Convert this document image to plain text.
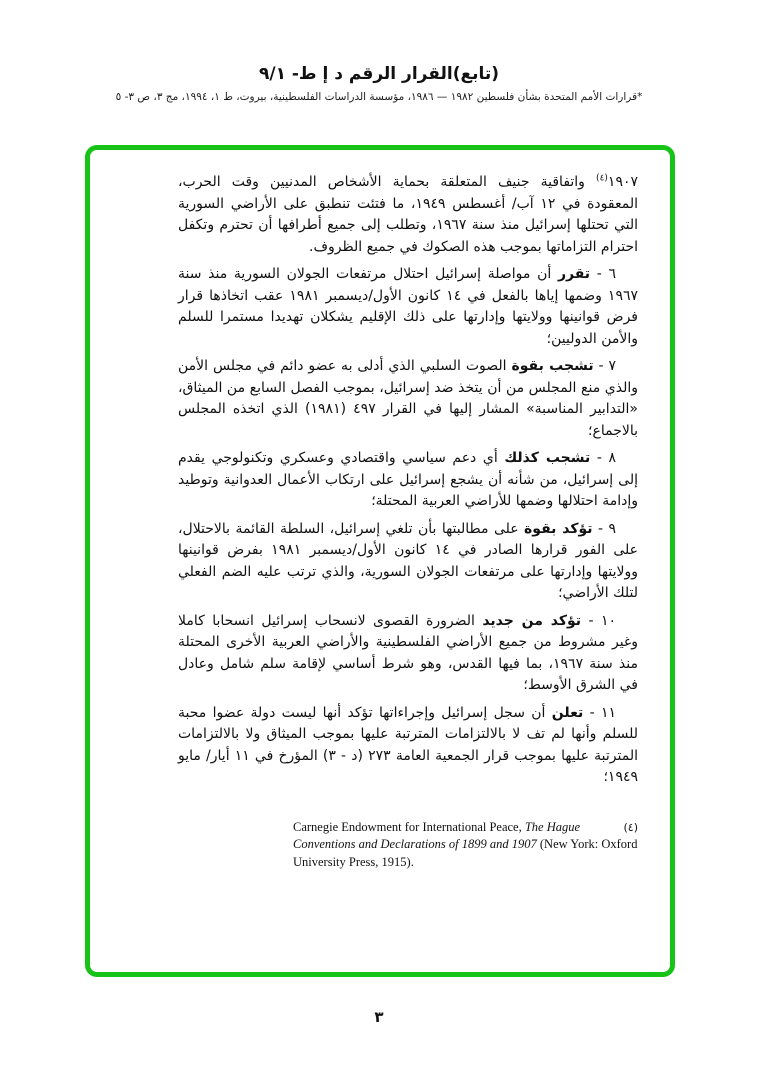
(تابع)القرار الرقم د إ ط- ٩/١
*قرارات الأمم المتحدة بشأن فلسطين ١٩٨٢ — ١٩٨٦، مؤسسة الدراسات الفلسطينية، بيروت، ط ١، ١٩٩٤، مج ٣، ص ٣- ٥

١٩٠٧$^{(٤)}$ واتفاقية جنيف المتعلقة بحماية الأشخاص المدنيين وقت الحرب، المعقودة في ١٢ آب/ أغسطس ١٩٤٩، ما فتئت تنطبق على الأراضي السورية التي تحتلها إسرائيل منذ سنة ١٩٦٧، وتطلب إلى جميع أطرافها أن تحترم وتكفل احترام التزاماتها بموجب هذه الصكوك في جميع الظروف.

٦ - تقرر أن مواصلة إسرائيل احتلال مرتفعات الجولان السورية منذ سنة ١٩٦٧ وضمها إياها بالفعل في ١٤ كانون الأول/ديسمبر ١٩٨١ عقب اتخاذها قرار فرض قوانينها وولايتها وإدارتها على ذلك الإقليم يشكلان تهديدا مستمرا للسلم والأمن الدوليين؛

٧ - تشجب بقوة الصوت السلبي الذي أدلى به عضو دائم في مجلس الأمن والذي منع المجلس من أن يتخذ ضد إسرائيل، بموجب الفصل السابع من الميثاق، «التدابير المناسبة» المشار إليها في القرار ٤٩٧ (١٩٨١) الذي اتخذه المجلس بالاجماع؛

٨ - تشجب كذلك أي دعم سياسي واقتصادي وعسكري وتكنولوجي يقدم إلى إسرائيل، من شأنه أن يشجع إسرائيل على ارتكاب الأعمال العدوانية وتوطيد وإدامة احتلالها وضمها للأراضي العربية المحتلة؛

٩ - تؤكد بقوة على مطالبتها بأن تلغي إسرائيل، السلطة القائمة بالاحتلال، على الفور قرارها الصادر في ١٤ كانون الأول/ديسمبر ١٩٨١ بفرض قوانينها وولايتها وإدارتها على مرتفعات الجولان السورية، والذي ترتب عليه الضم الفعلي لتلك الأراضي؛

١٠ - تؤكد من جديد الضرورة القصوى لانسحاب إسرائيل انسحابا كاملا وغير مشروط من جميع الأراضي الفلسطينية والأراضي العربية الأخرى المحتلة منذ سنة ١٩٦٧، بما فيها القدس، وهو شرط أساسي لإقامة سلم شامل وعادل في الشرق الأوسط؛

١١ - تعلن أن سجل إسرائيل وإجراءاتها تؤكد أنها ليست دولة عضوا محبة للسلم وأنها لم تف لا بالالتزامات المترتبة عليها بموجب الميثاق ولا بالالتزامات المترتبة عليها بموجب قرار الجمعية العامة ٢٧٣ (د - ٣) المؤرخ في ١١ أيار/ مايو ١٩٤٩؛

(٤)
Carnegie Endowment for International Peace, The Hague Conventions and Declarations of 1899 and 1907 (New York: Oxford University Press, 1915).
٣
